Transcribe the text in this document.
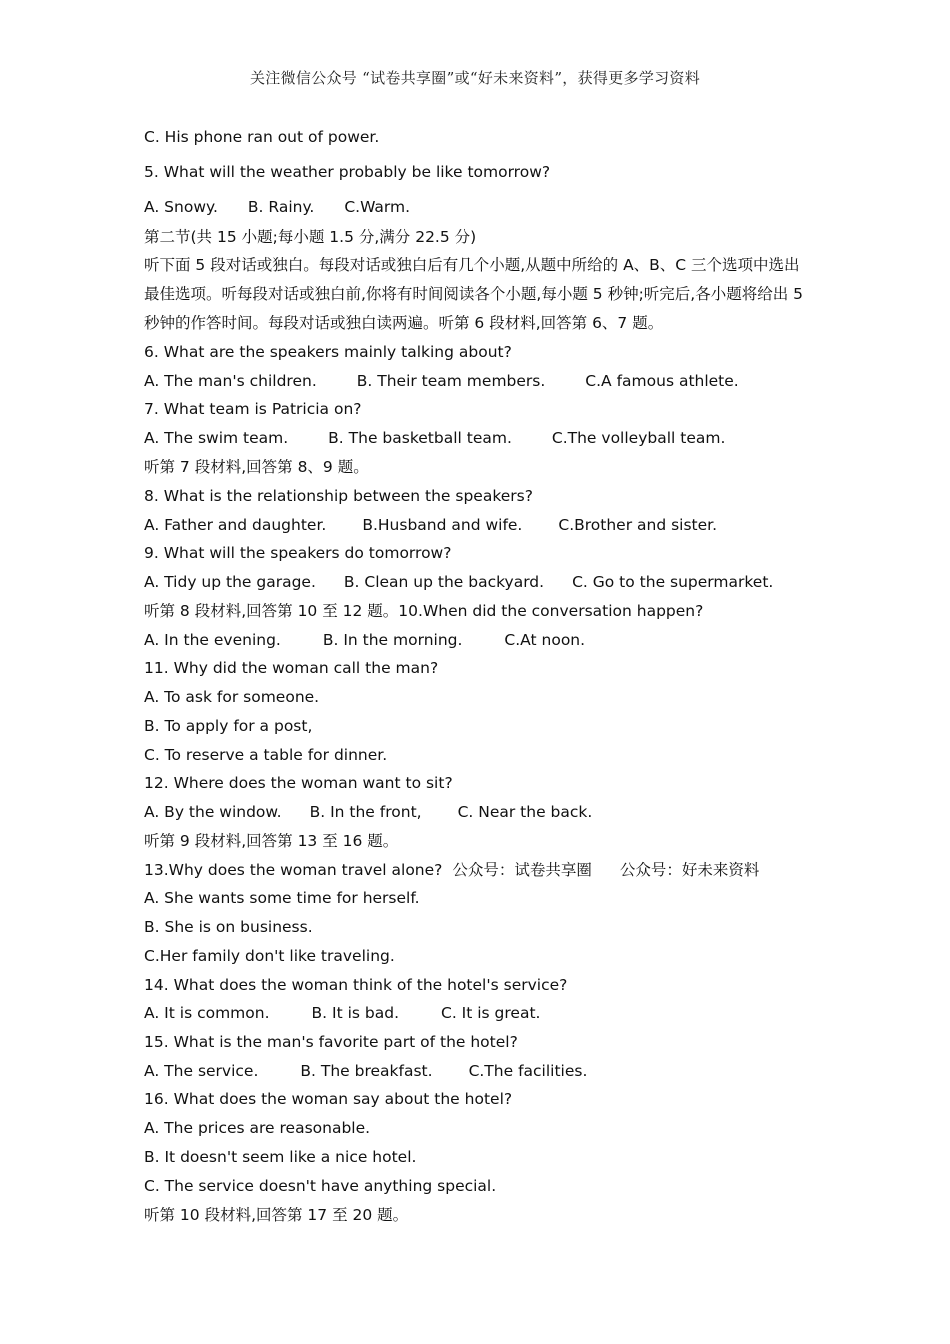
关注微信公众号 “试卷共享圈”或“好未来资料”，获得更多学习资料
C. His phone ran out of power.
5. What will the weather probably be like tomorrow?
A. Snowy. B. Rainy. C.Warm.
第二节(共 15 小题;每小题 1.5 分,满分 22.5 分)
听下面 5 段对话或独白。每段对话或独白后有几个小题,从题中所给的 A、B、C 三个选项中选出最佳选项。听每段对话或独白前,你将有时间阅读各个小题,每小题 5 秒钟;听完后,各小题将给出 5 秒钟的作答时间。每段对话或独白读两遍。听第 6 段材料,回答第 6、7 题。
6. What are the speakers mainly talking about?
A. The man's children.	B. Their team members.	C.A famous athlete.
7. What team is Patricia on?
A. The swim team.	B. The basketball team.	C.The volleyball team.
听第 7 段材料,回答第 8、9 题。
8. What is the relationship between the speakers?
A. Father and daughter. B.Husband and wife. C.Brother and sister.
9. What will the speakers do tomorrow?
A. Tidy up the garage. B. Clean up the backyard. C. Go to the supermarket.
听第 8 段材料,回答第 10 至 12 题。10.When did the conversation happen?
A. In the evening.	B. In the morning.	C.At noon.
11. Why did the woman call the man?
A. To ask for someone.
B. To apply for a post,
C. To reserve a table for dinner.
12. Where does the woman want to sit?
A. By the window. B. In the front, C. Near the back.
听第 9 段材料,回答第 13 至 16 题。
13.Why does the woman travel alone? 公众号：试卷共享圈 公众号：好未来资料
A. She wants some time for herself.
B. She is on business.
C.Her family don't like traveling.
14. What does the woman think of the hotel's service?
A. It is common.	B. It is bad.	C. It is great.
15. What is the man's favorite part of the hotel?
A. The service.	B. The breakfast. C.The facilities.
16. What does the woman say about the hotel?
A. The prices are reasonable.
B. It doesn't seem like a nice hotel.
C. The service doesn't have anything special.
听第 10 段材料,回答第 17 至 20 题。
